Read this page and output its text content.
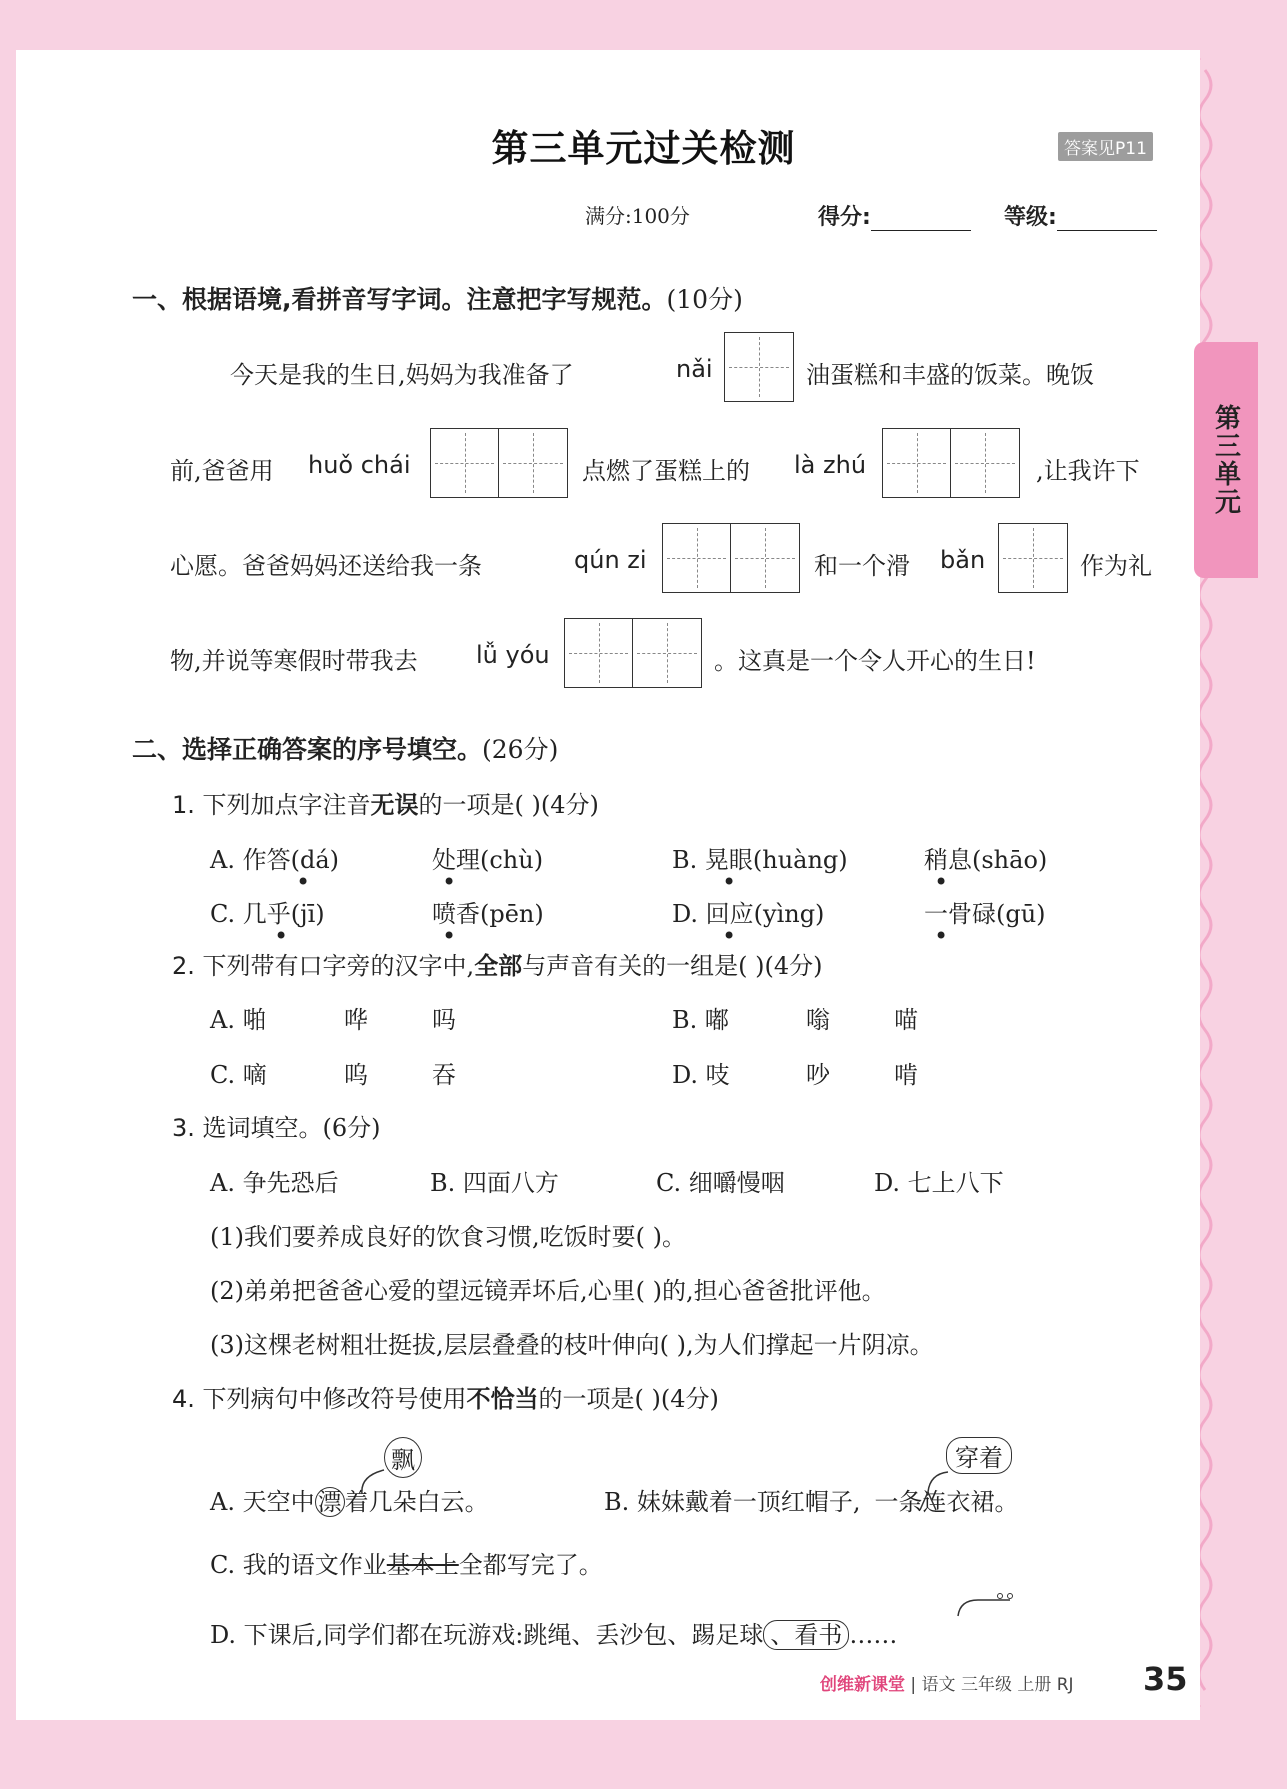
第三单元过关检测	答案见P11
满分:100分	得分:	等级:
第三单元
一、根据语境,看拼音写字词。注意把字写规范。(10分)
今天是我的生日,妈妈为我准备了	nǎi	油蛋糕和丰盛的饭菜。晚饭
前,爸爸用 huǒ chái	点燃了蛋糕上的 là zhú	,让我许下
心愿。爸爸妈妈还送给我一条	qún zi	和一个滑 bǎn	作为礼
物,并说等寒假时带我去 lǚ yóu	。这真是一个令人开心的生日!
二、选择正确答案的序号填空。(26分)
1. 下列加点字注音无误的一项是( )(4分)
A. 作答(dá)	处理(chù)	B. 晃眼(huàng)	稍息(shāo)
C. 几乎(jī)	喷香(pēn)	D. 回应(yìng)	一骨碌(gū)
•	•	•	•
•	•	•	•
2. 下列带有口字旁的汉字中,全部与声音有关的一组是( )(4分)
A. 啪	哗	吗	B. 嘟	嗡	喵
C. 嘀	呜	吞	D. 吱	吵	啃
3. 选词填空。(6分)
A. 争先恐后	B. 四面八方	C. 细嚼慢咽	D. 七上八下
(1)我们要养成良好的饮食习惯,吃饭时要( )。
(2)弟弟把爸爸心爱的望远镜弄坏后,心里( )的,担心爸爸批评他。
(3)这棵老树粗壮挺拔,层层叠叠的枝叶伸向( ),为人们撑起一片阴凉。
4. 下列病句中修改符号使用不恰当的一项是( )(4分)
飘
A. 天空中 漂 着几朵白云。
穿着
B. 妹妹戴着一顶红帽子, 一条连衣裙。
C. 我的语文作业基本上全都写完了。
D. 下课后,同学们都在玩游戏:跳绳、丢沙包、踢足球 、看书 ……
创维新课堂 | 语文 三年级 上册 RJ 35
